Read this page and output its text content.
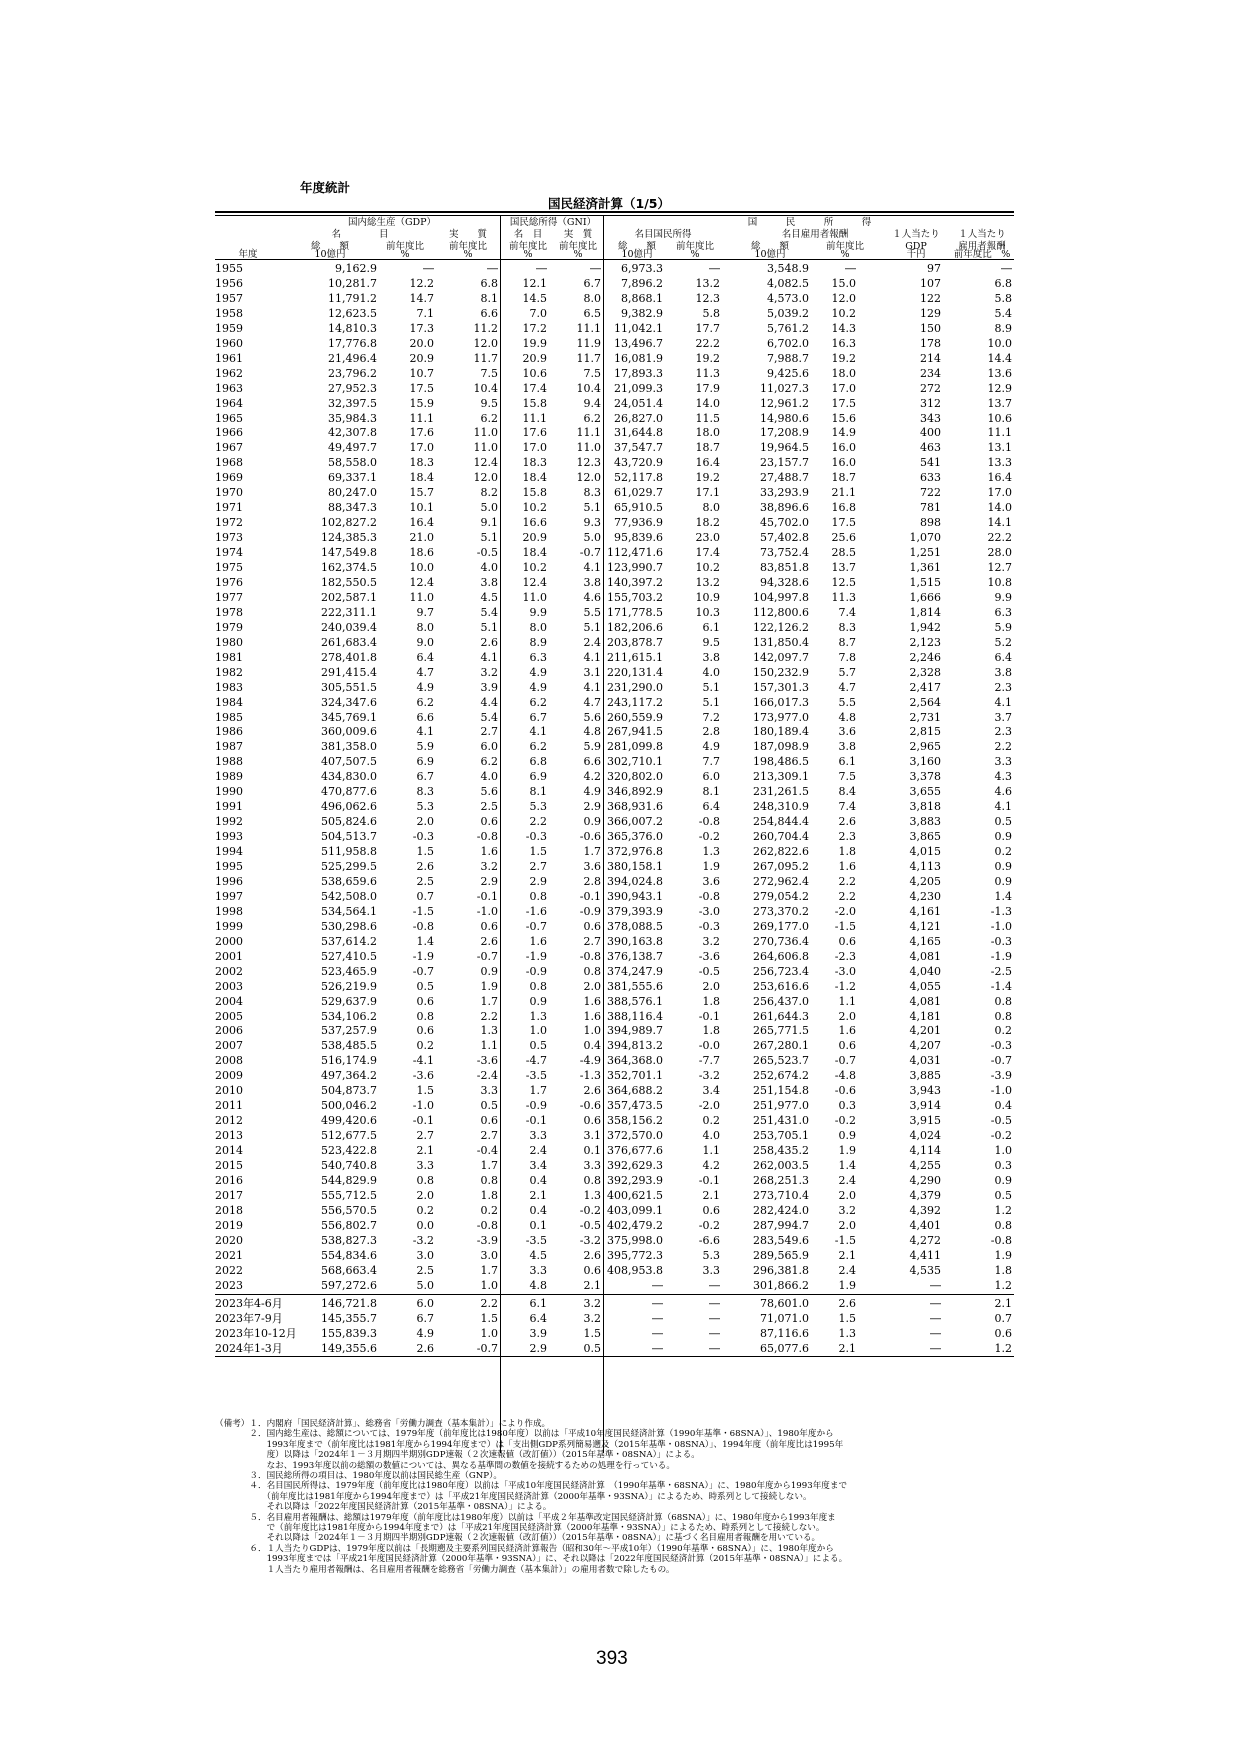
年度統計
国民経済計算（1/5）
国内総生産（GDP）	国民総所得（GNI）	国　　　民　　　所　　　得
名　　　　目	実　　質	名　目	実　質	名目国民所得	名目雇用者報酬	１人当たり	１人当たり
総　　額	前年度比	前年度比	前年度比	前年度比	総　　額	前年度比	総　　額	前年度比	GDP	雇用者報酬
年度	10億円	%	%	%	%	10億円	%	10億円	%	千円	前年度比　%
1955	9,162.9	―	―	―	―	6,973.3	―	3,548.9	―	97	―
1956	10,281.7	12.2	6.8	12.1	6.7	7,896.2	13.2	4,082.5	15.0	107	6.8
1957	11,791.2	14.7	8.1	14.5	8.0	8,868.1	12.3	4,573.0	12.0	122	5.8
1958	12,623.5	7.1	6.6	7.0	6.5	9,382.9	5.8	5,039.2	10.2	129	5.4
1959	14,810.3	17.3	11.2	17.2	11.1	11,042.1	17.7	5,761.2	14.3	150	8.9
1960	17,776.8	20.0	12.0	19.9	11.9	13,496.7	22.2	6,702.0	16.3	178	10.0
1961	21,496.4	20.9	11.7	20.9	11.7	16,081.9	19.2	7,988.7	19.2	214	14.4
1962	23,796.2	10.7	7.5	10.6	7.5	17,893.3	11.3	9,425.6	18.0	234	13.6
1963	27,952.3	17.5	10.4	17.4	10.4	21,099.3	17.9	11,027.3	17.0	272	12.9
1964	32,397.5	15.9	9.5	15.8	9.4	24,051.4	14.0	12,961.2	17.5	312	13.7
1965	35,984.3	11.1	6.2	11.1	6.2	26,827.0	11.5	14,980.6	15.6	343	10.6
1966	42,307.8	17.6	11.0	17.6	11.1	31,644.8	18.0	17,208.9	14.9	400	11.1
1967	49,497.7	17.0	11.0	17.0	11.0	37,547.7	18.7	19,964.5	16.0	463	13.1
1968	58,558.0	18.3	12.4	18.3	12.3	43,720.9	16.4	23,157.7	16.0	541	13.3
1969	69,337.1	18.4	12.0	18.4	12.0	52,117.8	19.2	27,488.7	18.7	633	16.4
1970	80,247.0	15.7	8.2	15.8	8.3	61,029.7	17.1	33,293.9	21.1	722	17.0
1971	88,347.3	10.1	5.0	10.2	5.1	65,910.5	8.0	38,896.6	16.8	781	14.0
1972	102,827.2	16.4	9.1	16.6	9.3	77,936.9	18.2	45,702.0	17.5	898	14.1
1973	124,385.3	21.0	5.1	20.9	5.0	95,839.6	23.0	57,402.8	25.6	1,070	22.2
1974	147,549.8	18.6	-0.5	18.4	-0.7 112,471.6	17.4	73,752.4	28.5	1,251	28.0
1975	162,374.5	10.0	4.0	10.2	4.1 123,990.7	10.2	83,851.8	13.7	1,361	12.7
1976	182,550.5	12.4	3.8	12.4	3.8 140,397.2	13.2	94,328.6	12.5	1,515	10.8
1977	202,587.1	11.0	4.5	11.0	4.6 155,703.2	10.9	104,997.8	11.3	1,666	9.9
1978	222,311.1	9.7	5.4	9.9	5.5 171,778.5	10.3	112,800.6	7.4	1,814	6.3
1979	240,039.4	8.0	5.1	8.0	5.1 182,206.6	6.1	122,126.2	8.3	1,942	5.9
1980	261,683.4	9.0	2.6	8.9	2.4 203,878.7	9.5	131,850.4	8.7	2,123	5.2
1981	278,401.8	6.4	4.1	6.3	4.1 211,615.1	3.8	142,097.7	7.8	2,246	6.4
1982	291,415.4	4.7	3.2	4.9	3.1 220,131.4	4.0	150,232.9	5.7	2,328	3.8
1983	305,551.5	4.9	3.9	4.9	4.1 231,290.0	5.1	157,301.3	4.7	2,417	2.3
1984	324,347.6	6.2	4.4	6.2	4.7 243,117.2	5.1	166,017.3	5.5	2,564	4.1
1985	345,769.1	6.6	5.4	6.7	5.6 260,559.9	7.2	173,977.0	4.8	2,731	3.7
1986	360,009.6	4.1	2.7	4.1	4.8 267,941.5	2.8	180,189.4	3.6	2,815	2.3
1987	381,358.0	5.9	6.0	6.2	5.9 281,099.8	4.9	187,098.9	3.8	2,965	2.2
1988	407,507.5	6.9	6.2	6.8	6.6 302,710.1	7.7	198,486.5	6.1	3,160	3.3
1989	434,830.0	6.7	4.0	6.9	4.2 320,802.0	6.0	213,309.1	7.5	3,378	4.3
1990	470,877.6	8.3	5.6	8.1	4.9 346,892.9	8.1	231,261.5	8.4	3,655	4.6
1991	496,062.6	5.3	2.5	5.3	2.9 368,931.6	6.4	248,310.9	7.4	3,818	4.1
1992	505,824.6	2.0	0.6	2.2	0.9 366,007.2	-0.8	254,844.4	2.6	3,883	0.5
1993	504,513.7	-0.3	-0.8	-0.3	-0.6 365,376.0	-0.2	260,704.4	2.3	3,865	0.9
1994	511,958.8	1.5	1.6	1.5	1.7 372,976.8	1.3	262,822.6	1.8	4,015	0.2
1995	525,299.5	2.6	3.2	2.7	3.6 380,158.1	1.9	267,095.2	1.6	4,113	0.9
1996	538,659.6	2.5	2.9	2.9	2.8 394,024.8	3.6	272,962.4	2.2	4,205	0.9
1997	542,508.0	0.7	-0.1	0.8	-0.1 390,943.1	-0.8	279,054.2	2.2	4,230	1.4
1998	534,564.1	-1.5	-1.0	-1.6	-0.9 379,393.9	-3.0	273,370.2	-2.0	4,161	-1.3
1999	530,298.6	-0.8	0.6	-0.7	0.6 378,088.5	-0.3	269,177.0	-1.5	4,121	-1.0
2000	537,614.2	1.4	2.6	1.6	2.7 390,163.8	3.2	270,736.4	0.6	4,165	-0.3
2001	527,410.5	-1.9	-0.7	-1.9	-0.8 376,138.7	-3.6	264,606.8	-2.3	4,081	-1.9
2002	523,465.9	-0.7	0.9	-0.9	0.8 374,247.9	-0.5	256,723.4	-3.0	4,040	-2.5
2003	526,219.9	0.5	1.9	0.8	2.0 381,555.6	2.0	253,616.6	-1.2	4,055	-1.4
2004	529,637.9	0.6	1.7	0.9	1.6 388,576.1	1.8	256,437.0	1.1	4,081	0.8
2005	534,106.2	0.8	2.2	1.3	1.6 388,116.4	-0.1	261,644.3	2.0	4,181	0.8
2006	537,257.9	0.6	1.3	1.0	1.0 394,989.7	1.8	265,771.5	1.6	4,201	0.2
2007	538,485.5	0.2	1.1	0.5	0.4 394,813.2	-0.0	267,280.1	0.6	4,207	-0.3
2008	516,174.9	-4.1	-3.6	-4.7	-4.9 364,368.0	-7.7	265,523.7	-0.7	4,031	-0.7
2009	497,364.2	-3.6	-2.4	-3.5	-1.3 352,701.1	-3.2	252,674.2	-4.8	3,885	-3.9
2010	504,873.7	1.5	3.3	1.7	2.6 364,688.2	3.4	251,154.8	-0.6	3,943	-1.0
2011	500,046.2	-1.0	0.5	-0.9	-0.6 357,473.5	-2.0	251,977.0	0.3	3,914	0.4
2012	499,420.6	-0.1	0.6	-0.1	0.6 358,156.2	0.2	251,431.0	-0.2	3,915	-0.5
2013	512,677.5	2.7	2.7	3.3	3.1 372,570.0	4.0	253,705.1	0.9	4,024	-0.2
2014	523,422.8	2.1	-0.4	2.4	0.1 376,677.6	1.1	258,435.2	1.9	4,114	1.0
2015	540,740.8	3.3	1.7	3.4	3.3 392,629.3	4.2	262,003.5	1.4	4,255	0.3
2016	544,829.9	0.8	0.8	0.4	0.8 392,293.9	-0.1	268,251.3	2.4	4,290	0.9
2017	555,712.5	2.0	1.8	2.1	1.3 400,621.5	2.1	273,710.4	2.0	4,379	0.5
2018	556,570.5	0.2	0.2	0.4	-0.2 403,099.1	0.6	282,424.0	3.2	4,392	1.2
2019	556,802.7	0.0	-0.8	0.1	-0.5 402,479.2	-0.2	287,994.7	2.0	4,401	0.8
2020	538,827.3	-3.2	-3.9	-3.5	-3.2 375,998.0	-6.6	283,549.6	-1.5	4,272	-0.8
2021	554,834.6	3.0	3.0	4.5	2.6 395,772.3	5.3	289,565.9	2.1	4,411	1.9
2022	568,663.4	2.5	1.7	3.3	0.6 408,953.8	3.3	296,381.8	2.4	4,535	1.8
2023	597,272.6	5.0	1.0	4.8	2.1	―	―	301,866.2	1.9	―	1.2
2023年4-6月	146,721.8	6.0	2.2	6.1	3.2	―	―	78,601.0	2.6	―	2.1
2023年7-9月	145,355.7	6.7	1.5	6.4	3.2	―	―	71,071.0	1.5	―	0.7
2023年10-12月	155,839.3	4.9	1.0	3.9	1.5	―	―	87,116.6	1.3	―	0.6
2024年1-3月	149,355.6	2.6	-0.7	2.9	0.5	―	―	65,077.6	2.1	―	1.2

（備考）１．内閣府「国民経済計算」、総務省「労働力調査（基本集計）」により作成。

　　　　２．国内総生産は、総額については、1979年度（前年度比は1980年度）以前は「平成10年度国民経済計算（1990年基準・68SNA）」、1980年度から

　　　　　　1993年度まで（前年度比は1981年度から1994年度まで）は「支出側GDP系列簡易遡及（2015年基準・08SNA）」、1994年度（前年度比は1995年

　　　　　　度）以降は「2024年１－３月期四半期別GDP速報（２次速報値（改訂値））（2015年基準・08SNA）」による。

　　　　　　なお、1993年度以前の総額の数値については、異なる基準間の数値を接続するための処理を行っている。

　　　　３．国民総所得の項目は、1980年度以前は国民総生産（GNP）。

　　　　４．名目国民所得は、1979年度（前年度比は1980年度）以前は「平成10年度国民経済計算　（1990年基準・68SNA）」に、1980年度から1993年度まで

　　　　　　（前年度比は1981年度から1994年度まで）は「平成21年度国民経済計算（2000年基準・93SNA）」によるため、時系列として接続しない。

　　　　　　それ以降は「2022年度国民経済計算（2015年基準・08SNA）」による。

　　　　５．名目雇用者報酬は、総額は1979年度（前年度比は1980年度）以前は「平成２年基準改定国民経済計算（68SNA）」に、1980年度から1993年度ま

　　　　　　で（前年度比は1981年度から1994年度まで）は「平成21年度国民経済計算（2000年基準・93SNA）」によるため、時系列として接続しない。

　　　　　　それ以降は「2024年１－３月期四半期別GDP速報（２次速報値（改訂値））（2015年基準・08SNA）」に基づく名目雇用者報酬を用いている。

　　　　６．１人当たりGDPは、1979年度以前は「長期遡及主要系列国民経済計算報告（昭和30年～平成10年）（1990年基準・68SNA）」に、1980年度から

　　　　　　1993年度までは「平成21年度国民経済計算（2000年基準・93SNA）」に、それ以降は「2022年度国民経済計算（2015年基準・08SNA）」による。

　　　　　　１人当たり雇用者報酬は、名目雇用者報酬を総務省「労働力調査（基本集計）」の雇用者数で除したもの。

393
